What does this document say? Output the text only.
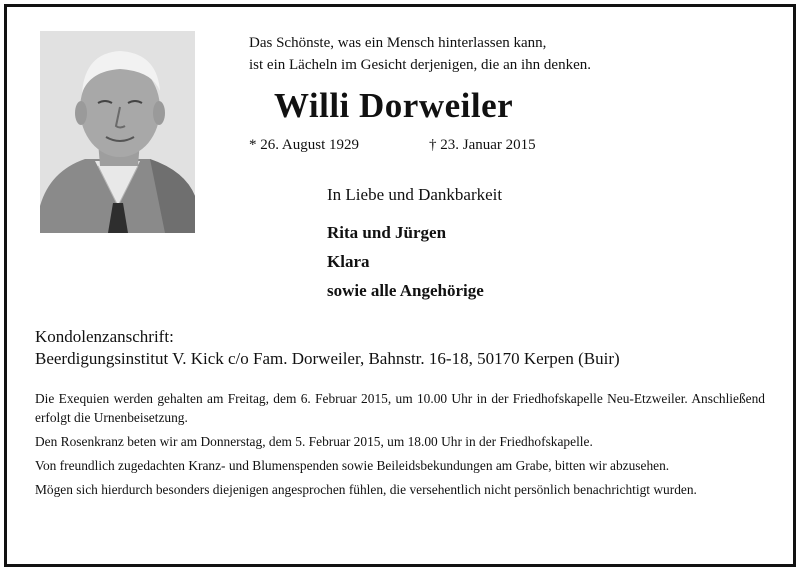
Das Schönste, was ein Mensch hinterlassen kann,
ist ein Lächeln im Gesicht derjenigen, die an ihn denken.
Willi Dorweiler
* 26. August 1929	† 23. Januar 2015
In Liebe und Dankbarkeit
Rita und Jürgen
Klara
sowie alle Angehörige
Kondolenzanschrift:
Beerdigungsinstitut V. Kick c/o Fam. Dorweiler, Bahnstr. 16-18, 50170 Kerpen (Buir)

Die Exequien werden gehalten am Freitag, dem 6. Februar 2015, um 10.00 Uhr in der Friedhofskapelle Neu-Etzweiler. Anschließend erfolgt die Urnenbeisetzung.

Den Rosenkranz beten wir am Donnerstag, dem 5. Februar 2015, um 18.00 Uhr in der Friedhofskapelle.

Von freundlich zugedachten Kranz- und Blumenspenden sowie Beileidsbekundungen am Grabe, bitten wir abzusehen.

Mögen sich hierdurch besonders diejenigen angesprochen fühlen, die versehentlich nicht persönlich benachrichtigt wurden.
